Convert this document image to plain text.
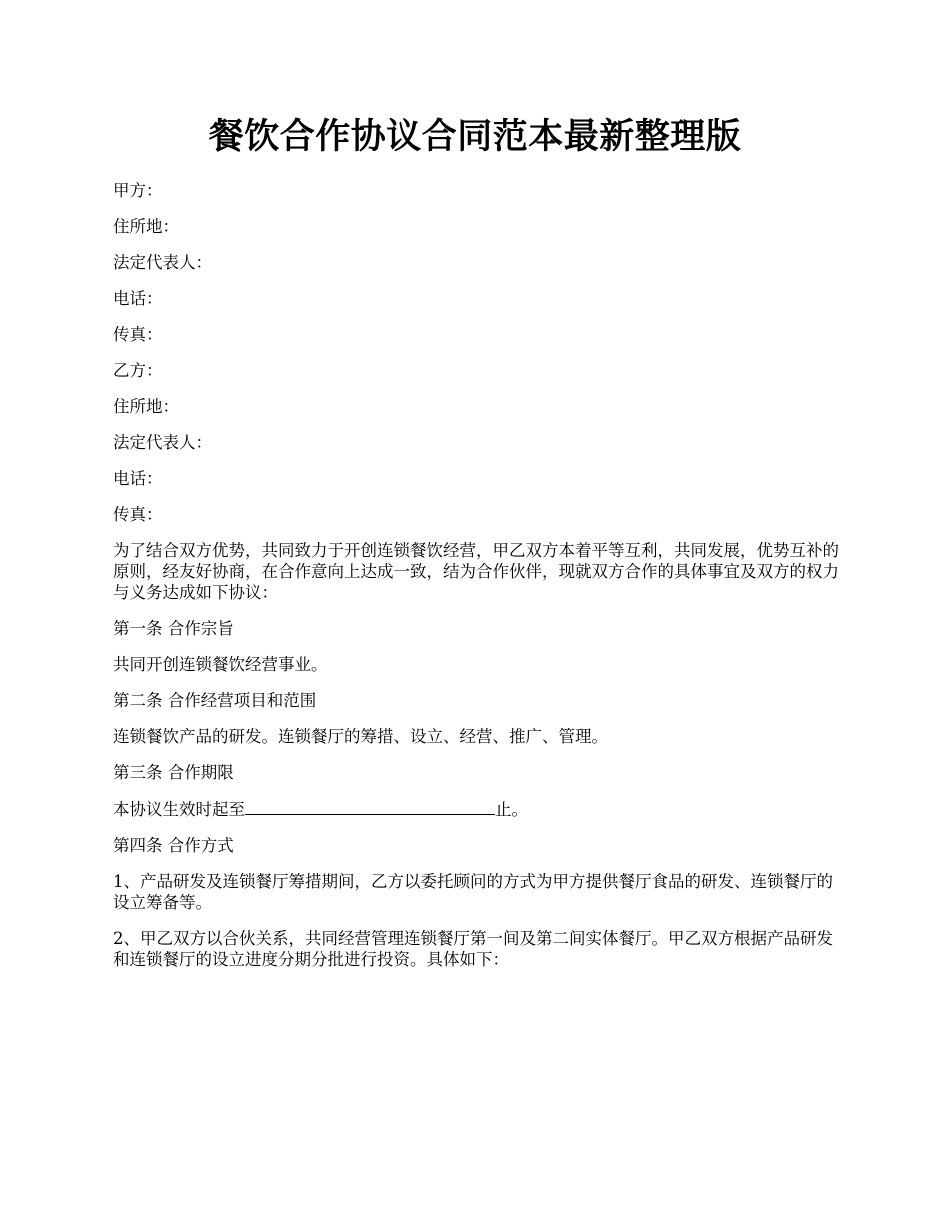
餐饮合作协议合同范本最新整理版

甲方：

住所地：

法定代表人：

电话：

传真：

乙方：

住所地：

法定代表人：

电话：

传真：

为了结合双方优势，共同致力于开创连锁餐饮经营，甲乙双方本着平等互利，共同发展，优势互补的原则，经友好协商，在合作意向上达成一致，结为合作伙伴，现就双方合作的具体事宜及双方的权力与义务达成如下协议：

第一条 合作宗旨

共同开创连锁餐饮经营事业。

第二条 合作经营项目和范围

连锁餐饮产品的研发。连锁餐厅的筹措、设立、经营、推广、管理。

第三条 合作期限

本协议生效时起至	止。

第四条 合作方式

1、产品研发及连锁餐厅筹措期间，乙方以委托顾问的方式为甲方提供餐厅食品的研发、连锁餐厅的设立筹备等。

2、甲乙双方以合伙关系，共同经营管理连锁餐厅第一间及第二间实体餐厅。甲乙双方根据产品研发和连锁餐厅的设立进度分期分批进行投资。具体如下：
